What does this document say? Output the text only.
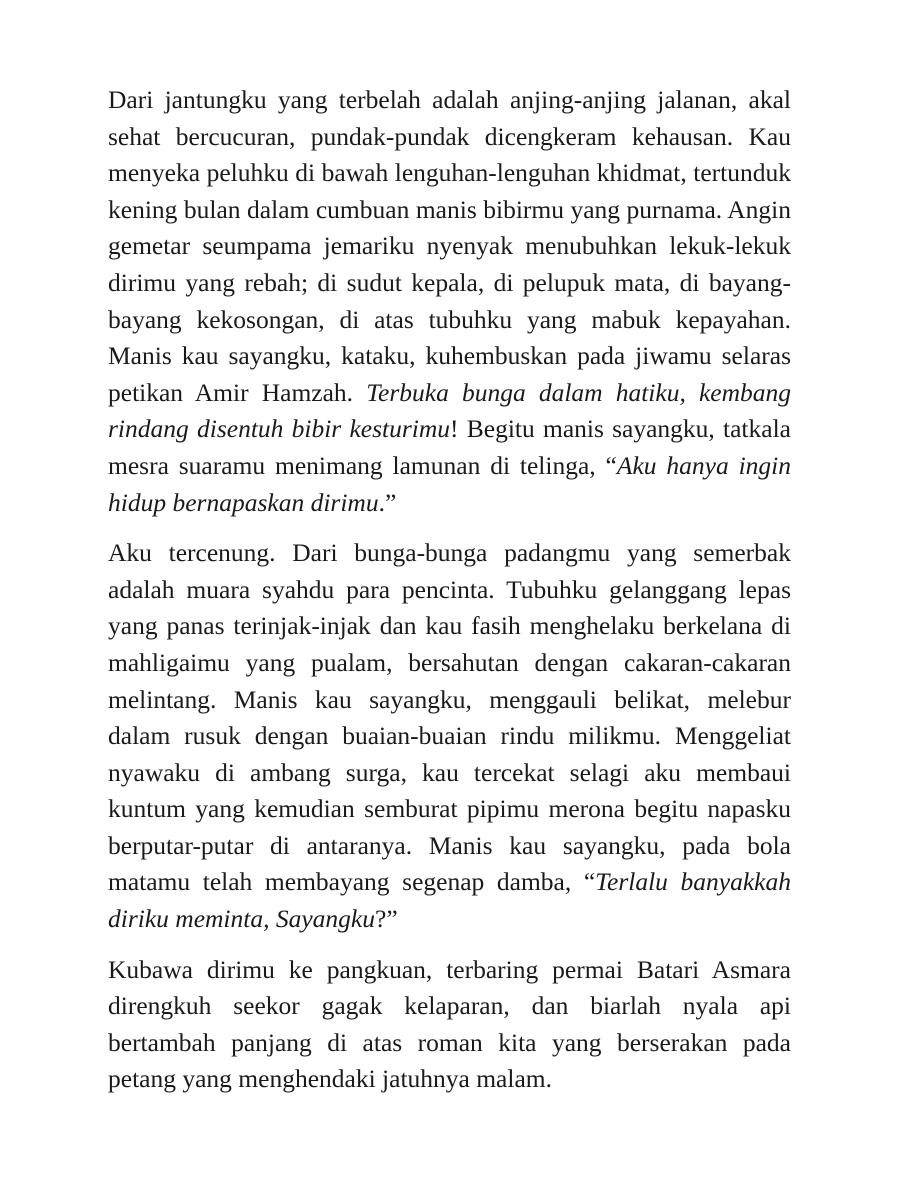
Dari jantungku yang terbelah adalah anjing-anjing jalanan, akal sehat bercucuran, pundak-pundak dicengkeram kehausan. Kau menyeka peluhku di bawah lenguhan-lenguhan khidmat, tertunduk kening bulan dalam cumbuan manis bibirmu yang purnama. Angin gemetar seumpama jemariku nyenyak menubuhkan lekuk-lekuk dirimu yang rebah; di sudut kepala, di pelupuk mata, di bayang-bayang kekosongan, di atas tubuhku yang mabuk kepayahan. Manis kau sayangku, kataku, kuhembuskan pada jiwamu selaras petikan Amir Hamzah. Terbuka bunga dalam hatiku, kembang rindang disentuh bibir kesturimu! Begitu manis sayangku, tatkala mesra suaramu menimang lamunan di telinga, “Aku hanya ingin hidup bernapaskan dirimu.”

Aku tercenung. Dari bunga-bunga padangmu yang semerbak adalah muara syahdu para pencinta. Tubuhku gelanggang lepas yang panas terinjak-injak dan kau fasih menghelaku berkelana di mahligaimu yang pualam, bersahutan dengan cakaran-cakaran melintang. Manis kau sayangku, menggauli belikat, melebur dalam rusuk dengan buaian-buaian rindu milikmu. Menggeliat nyawaku di ambang surga, kau tercekat selagi aku membaui kuntum yang kemudian semburat pipimu merona begitu napasku berputar-putar di antaranya. Manis kau sayangku, pada bola matamu telah membayang segenap damba, “Terlalu banyakkah diriku meminta, Sayangku?”

Kubawa dirimu ke pangkuan, terbaring permai Batari Asmara direngkuh seekor gagak kelaparan, dan biarlah nyala api bertambah panjang di atas roman kita yang berserakan pada petang yang menghendaki jatuhnya malam.
